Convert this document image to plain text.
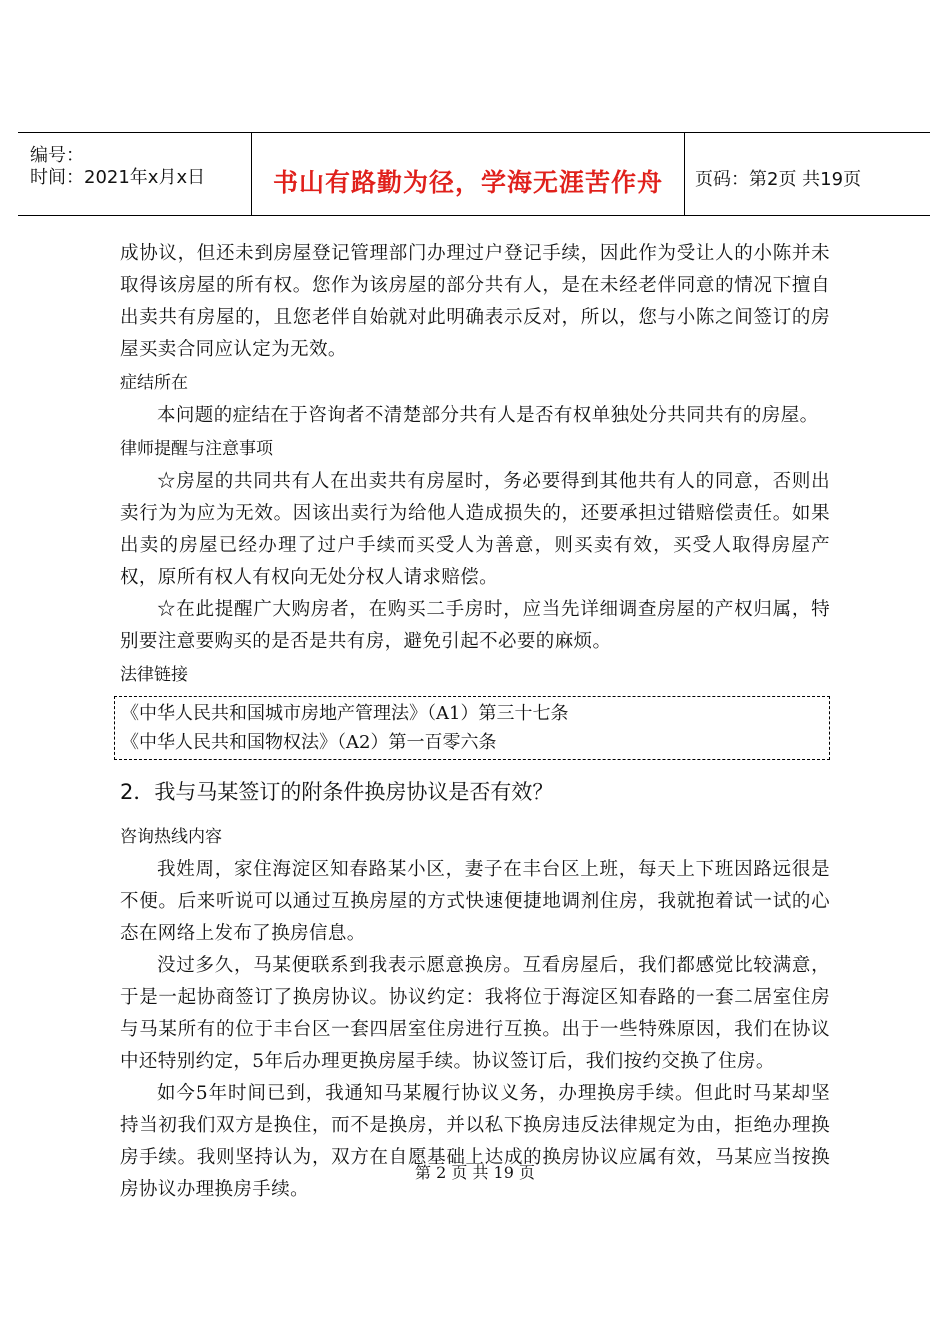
编号：
时间：2021年x月x日	书山有路勤为径，学海无涯苦作舟	页码：第2页 共19页

成协议，但还未到房屋登记管理部门办理过户登记手续，因此作为受让人的小陈并未取得该房屋的所有权。您作为该房屋的部分共有人，是在未经老伴同意的情况下擅自出卖共有房屋的，且您老伴自始就对此明确表示反对，所以，您与小陈之间签订的房屋买卖合同应认定为无效。

症结所在

本问题的症结在于咨询者不清楚部分共有人是否有权单独处分共同共有的房屋。

律师提醒与注意事项

☆房屋的共同共有人在出卖共有房屋时，务必要得到其他共有人的同意，否则出卖行为为应为无效。因该出卖行为给他人造成损失的，还要承担过错赔偿责任。如果出卖的房屋已经办理了过户手续而买受人为善意，则买卖有效，买受人取得房屋产权，原所有权人有权向无处分权人请求赔偿。

☆在此提醒广大购房者，在购买二手房时，应当先详细调查房屋的产权归属，特别要注意要购买的是否是共有房，避免引起不必要的麻烦。

法律链接

《中华人民共和国城市房地产管理法》（A1）第三十七条
《中华人民共和国物权法》（A2）第一百零六条

2．我与马某签订的附条件换房协议是否有效？

咨询热线内容

我姓周，家住海淀区知春路某小区，妻子在丰台区上班，每天上下班因路远很是不便。后来听说可以通过互换房屋的方式快速便捷地调剂住房，我就抱着试一试的心态在网络上发布了换房信息。

没过多久，马某便联系到我表示愿意换房。互看房屋后，我们都感觉比较满意，于是一起协商签订了换房协议。协议约定：我将位于海淀区知春路的一套二居室住房与马某所有的位于丰台区一套四居室住房进行互换。出于一些特殊原因，我们在协议中还特别约定，5年后办理更换房屋手续。协议签订后，我们按约交换了住房。

如今5年时间已到，我通知马某履行协议义务，办理换房手续。但此时马某却坚持当初我们双方是换住，而不是换房，并以私下换房违反法律规定为由，拒绝办理换房手续。我则坚持认为，双方在自愿基础上达成的换房协议应属有效，马某应当按换房协议办理换房手续。

第 2 页 共 19 页
